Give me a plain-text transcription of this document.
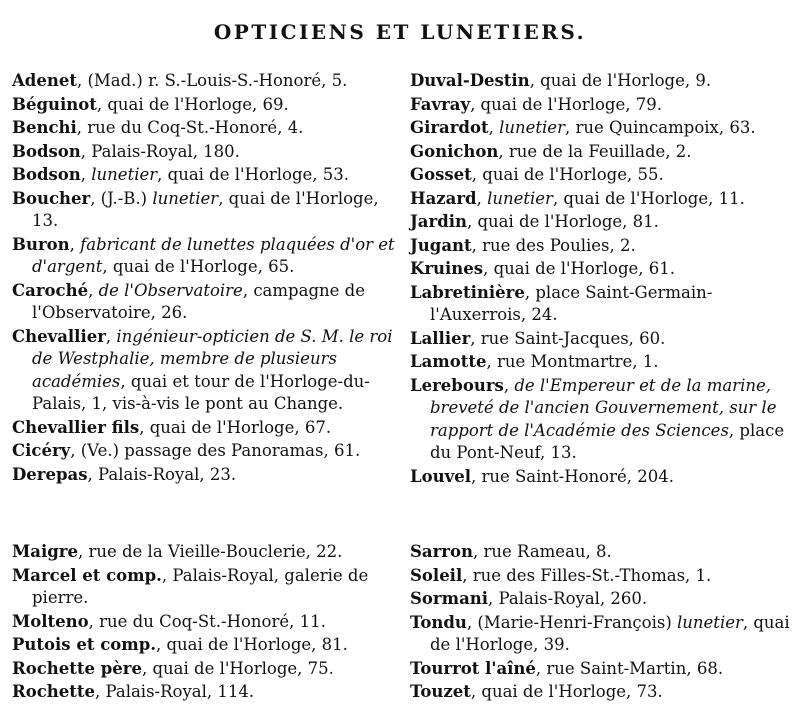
OPTICIENS ET LUNETIERS.
Adenet, (Mad.) r. S.-Louis-S.-Honoré, 5.
Béguinot, quai de l'Horloge, 69.
Benchi, rue du Coq-St.-Honoré, 4.
Bodson, Palais-Royal, 180.
Bodson, lunetier, quai de l'Horloge, 53.
Boucher, (J.-B.) lunetier, quai de l'Horloge, 13.
Buron, fabricant de lunettes plaquées d'or et d'argent, quai de l'Horloge, 65.
Caroché, de l'Observatoire, campagne de l'Observatoire, 26.
Chevallier, ingénieur-opticien de S. M. le roi de Westphalie, membre de plusieurs académies, quai et tour de l'Horloge-du-Palais, 1, vis-à-vis le pont au Change.
Chevallier fils, quai de l'Horloge, 67.
Cicéry, (Ve.) passage des Panoramas, 61.
Derepas, Palais-Royal, 23.
Duval-Destin, quai de l'Horloge, 9.
Favray, quai de l'Horloge, 79.
Girardot, lunetier, rue Quincampoix, 63.
Gonichon, rue de la Feuillade, 2.
Gosset, quai de l'Horloge, 55.
Hazard, lunetier, quai de l'Horloge, 11.
Jardin, quai de l'Horloge, 81.
Jugant, rue des Poulies, 2.
Kruines, quai de l'Horloge, 61.
Labretinière, place Saint-Germain-l'Auxerrois, 24.
Lallier, rue Saint-Jacques, 60.
Lamotte, rue Montmartre, 1.
Lerebours, de l'Empereur et de la marine, breveté de l'ancien Gouvernement, sur le rapport de l'Académie des Sciences, place du Pont-Neuf, 13.
Louvel, rue Saint-Honoré, 204.
Maigre, rue de la Vieille-Bouclerie, 22.
Marcel et comp., Palais-Royal, galerie de pierre.
Molteno, rue du Coq-St.-Honoré, 11.
Putois et comp., quai de l'Horloge, 81.
Rochette père, quai de l'Horloge, 75.
Rochette, Palais-Royal, 114.
Sarron, rue Rameau, 8.
Soleil, rue des Filles-St.-Thomas, 1.
Sormani, Palais-Royal, 260.
Tondu, (Marie-Henri-François) lunetier, quai de l'Horloge, 39.
Tourrot l'aîné, rue Saint-Martin, 68.
Touzet, quai de l'Horloge, 73.
